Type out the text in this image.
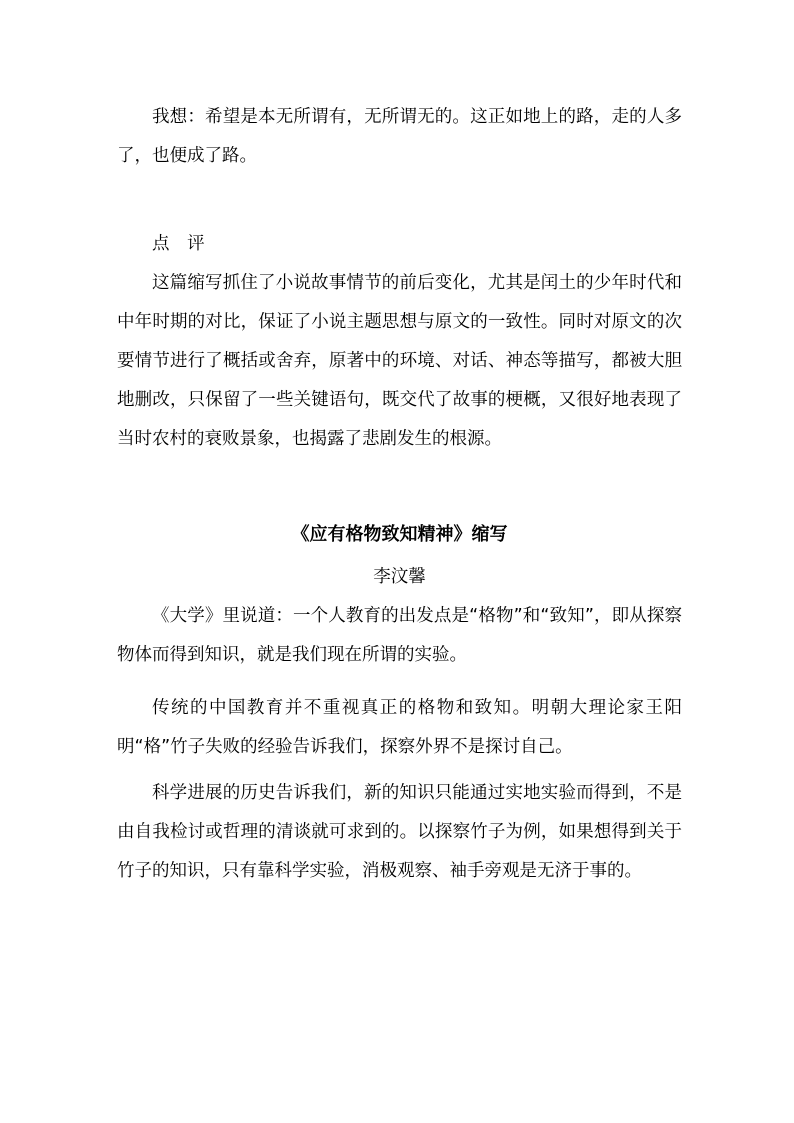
我想：希望是本无所谓有，无所谓无的。这正如地上的路，走的人多了，也便成了路。

点 评

这篇缩写抓住了小说故事情节的前后变化，尤其是闰土的少年时代和中年时期的对比，保证了小说主题思想与原文的一致性。同时对原文的次要情节进行了概括或舍弃，原著中的环境、对话、神态等描写，都被大胆地删改，只保留了一些关键语句，既交代了故事的梗概，又很好地表现了当时农村的衰败景象，也揭露了悲剧发生的根源。

《应有格物致知精神》缩写

李汶馨

《大学》里说道：一个人教育的出发点是“格物”和“致知”，即从探察物体而得到知识，就是我们现在所谓的实验。

传统的中国教育并不重视真正的格物和致知。明朝大理论家王阳明“格”竹子失败的经验告诉我们，探察外界不是探讨自己。

科学进展的历史告诉我们，新的知识只能通过实地实验而得到，不是由自我检讨或哲理的清谈就可求到的。以探察竹子为例，如果想得到关于竹子的知识，只有靠科学实验，消极观察、袖手旁观是无济于事的。
